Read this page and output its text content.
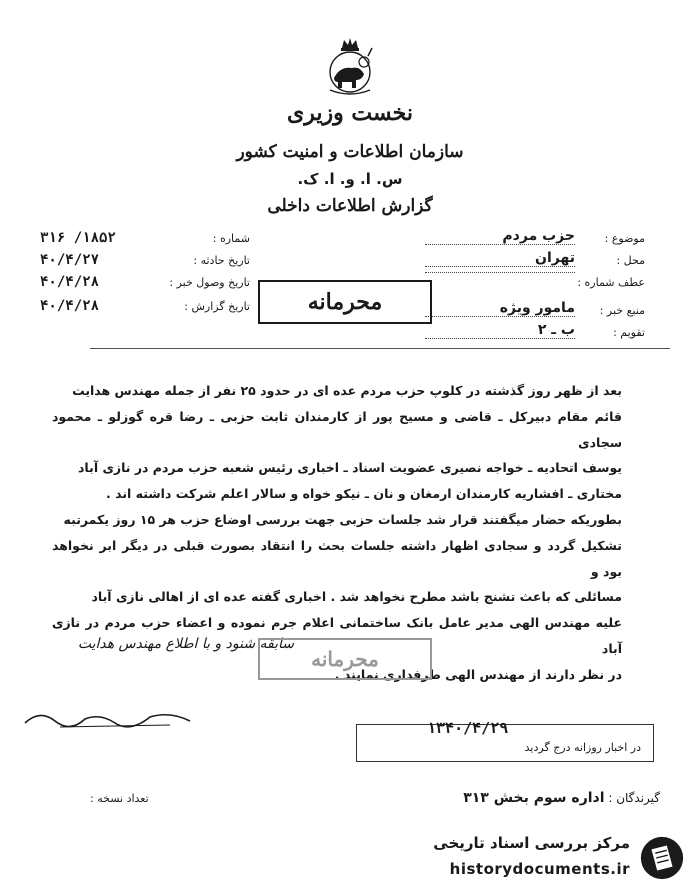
نخست وزیری
سازمان اطلاعات و امنیت کشور
س. ا. و. ا. ک.
گزارش اطلاعات داخلی
موضوع :
حزب مردم
محل :
تهران
عطف شماره :
منبع خبر :
مامور ویژه
تقویم :
ب ـ ۲
شماره :
۳۱۶ /۱۸۵۲
تاریخ حادثه :
۴۰/۴/۲۷
تاریخ وصول خبر :
۴۰/۴/۲۸
تاریخ گزارش :
۴۰/۴/۲۸	محرمانه

بعد از ظهر روز گذشته در کلوپ حزب مردم عده ای در حدود ۲۵ نفر از جمله مهندس هدایت

قائم مقام دبیرکل ـ قاضی و مسیح پور از کارمندان ثابت حزبی ـ رضا قره گوزلو ـ محمود سجادی

یوسف اتحادیه ـ خواجه نصیری عضویت اسناد ـ اخباری رئیس شعبه حزب مردم در نازی آباد

مختاری ـ افشاریه کارمندان ارمغان و نان ـ نیکو خواه و سالار اعلم شرکت داشته اند .

بطوریکه حضار میگفتند قرار شد جلسات حزبی جهت بررسی اوضاع حزب هر ۱۵ روز یکمرتبه

تشکیل گردد و سجادی اظهار داشته جلسات بحث را انتقاد بصورت قبلی در دیگر ابر نخواهد بود و

مسائلی که باعث تشنج باشد مطرح نخواهد شد . اخباری گفته عده ای از اهالی نازی آباد

علیه مهندس الهی مدیر عامل بانک ساختمانی اعلام جرم نموده و اعضاء حزب مردم در نازی آباد

در نظر دارند از مهندس الهی طرفداری نمایند .

سابقه شنود و با اطلاع مهندس هدایت
محرمانه
۱۳۴۰/۴/۲۹
در اخبار روزانه درج گردید
تعداد نسخه :	گیرندگان : اداره سوم بخش ۳۱۳
مرکز بررسی اسناد تاریخی
historydocuments.ir
